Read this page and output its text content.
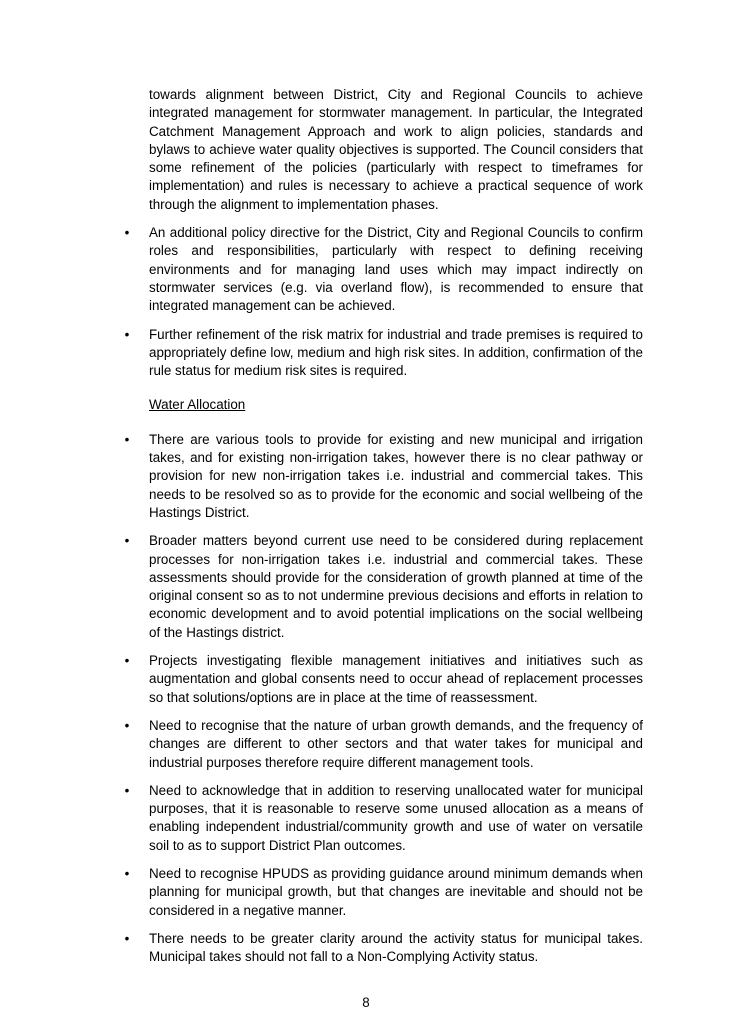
towards alignment between District, City and Regional Councils to achieve integrated management for stormwater management. In particular, the Integrated Catchment Management Approach and work to align policies, standards and bylaws to achieve water quality objectives is supported. The Council considers that some refinement of the policies (particularly with respect to timeframes for implementation) and rules is necessary to achieve a practical sequence of work through the alignment to implementation phases.

• An additional policy directive for the District, City and Regional Councils to confirm roles and responsibilities, particularly with respect to defining receiving environments and for managing land uses which may impact indirectly on stormwater services (e.g. via overland flow), is recommended to ensure that integrated management can be achieved.
• Further refinement of the risk matrix for industrial and trade premises is required to appropriately define low, medium and high risk sites. In addition, confirmation of the rule status for medium risk sites is required.

Water Allocation

• There are various tools to provide for existing and new municipal and irrigation takes, and for existing non-irrigation takes, however there is no clear pathway or provision for new non-irrigation takes i.e. industrial and commercial takes. This needs to be resolved so as to provide for the economic and social wellbeing of the Hastings District.
• Broader matters beyond current use need to be considered during replacement processes for non-irrigation takes i.e. industrial and commercial takes. These assessments should provide for the consideration of growth planned at time of the original consent so as to not undermine previous decisions and efforts in relation to economic development and to avoid potential implications on the social wellbeing of the Hastings district.
• Projects investigating flexible management initiatives and initiatives such as augmentation and global consents need to occur ahead of replacement processes so that solutions/options are in place at the time of reassessment.
• Need to recognise that the nature of urban growth demands, and the frequency of changes are different to other sectors and that water takes for municipal and industrial purposes therefore require different management tools.
• Need to acknowledge that in addition to reserving unallocated water for municipal purposes, that it is reasonable to reserve some unused allocation as a means of enabling independent industrial/community growth and use of water on versatile soil to as to support District Plan outcomes.
• Need to recognise HPUDS as providing guidance around minimum demands when planning for municipal growth, but that changes are inevitable and should not be considered in a negative manner.
• There needs to be greater clarity around the activity status for municipal takes. Municipal takes should not fall to a Non-Complying Activity status.
8
